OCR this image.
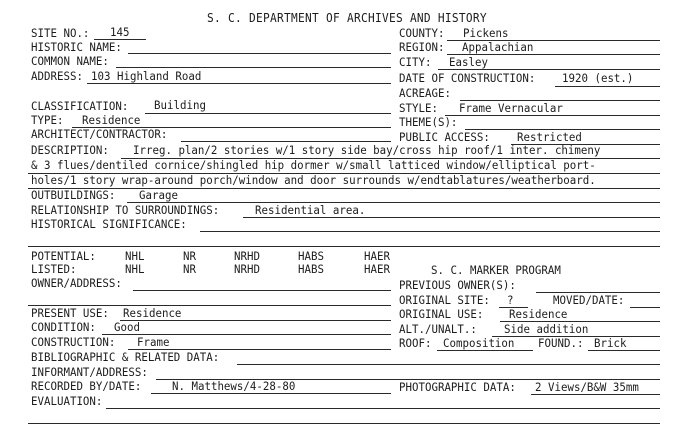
S. C. DEPARTMENT OF ARCHIVES AND HISTORY
SITE NO.: 145	COUNTY: Pickens
HISTORIC NAME:	REGION: Appalachian
COMMON NAME:	CITY: Easley
ADDRESS: 103 Highland Road	DATE OF CONSTRUCTION: 1920 (est.)
ACREAGE:
CLASSIFICATION: Building	STYLE: Frame Vernacular
TYPE: Residence	THEME(S):
ARCHITECT/CONTRACTOR:	PUBLIC ACCESS: Restricted
DESCRIPTION: Irreg. plan/2 stories w/1 story side bay/cross hip roof/1 inter. chimeny
& 3 flues/dentiled cornice/shingled hip dormer w/small latticed window/elliptical port-
holes/1 story wrap-around porch/window and door surrounds w/endtablatures/weatherboard.
OUTBUILDINGS: Garage
RELATIONSHIP TO SURROUNDINGS:	Residential area.
HISTORICAL SIGNIFICANCE:
POTENTIAL:	NHL	NR	NRHD	HABS	HAER
LISTED:	NHL	NR	NRHD	HABS	HAER	S. C. MARKER PROGRAM
OWNER/ADDRESS:	PREVIOUS OWNER(S):
ORIGINAL SITE: ?	MOVED/DATE:
PRESENT USE: Residence	ORIGINAL USE: Residence
CONDITION: Good	ALT./UNALT.: Side addition
CONSTRUCTION: Frame	ROOF: Composition FOUND.: Brick
BIBLIOGRAPHIC & RELATED DATA:
INFORMANT/ADDRESS:
RECORDED BY/DATE:	N. Matthews/4-28-80	PHOTOGRAPHIC DATA: 2 Views/B&W 35mm
EVALUATION:
